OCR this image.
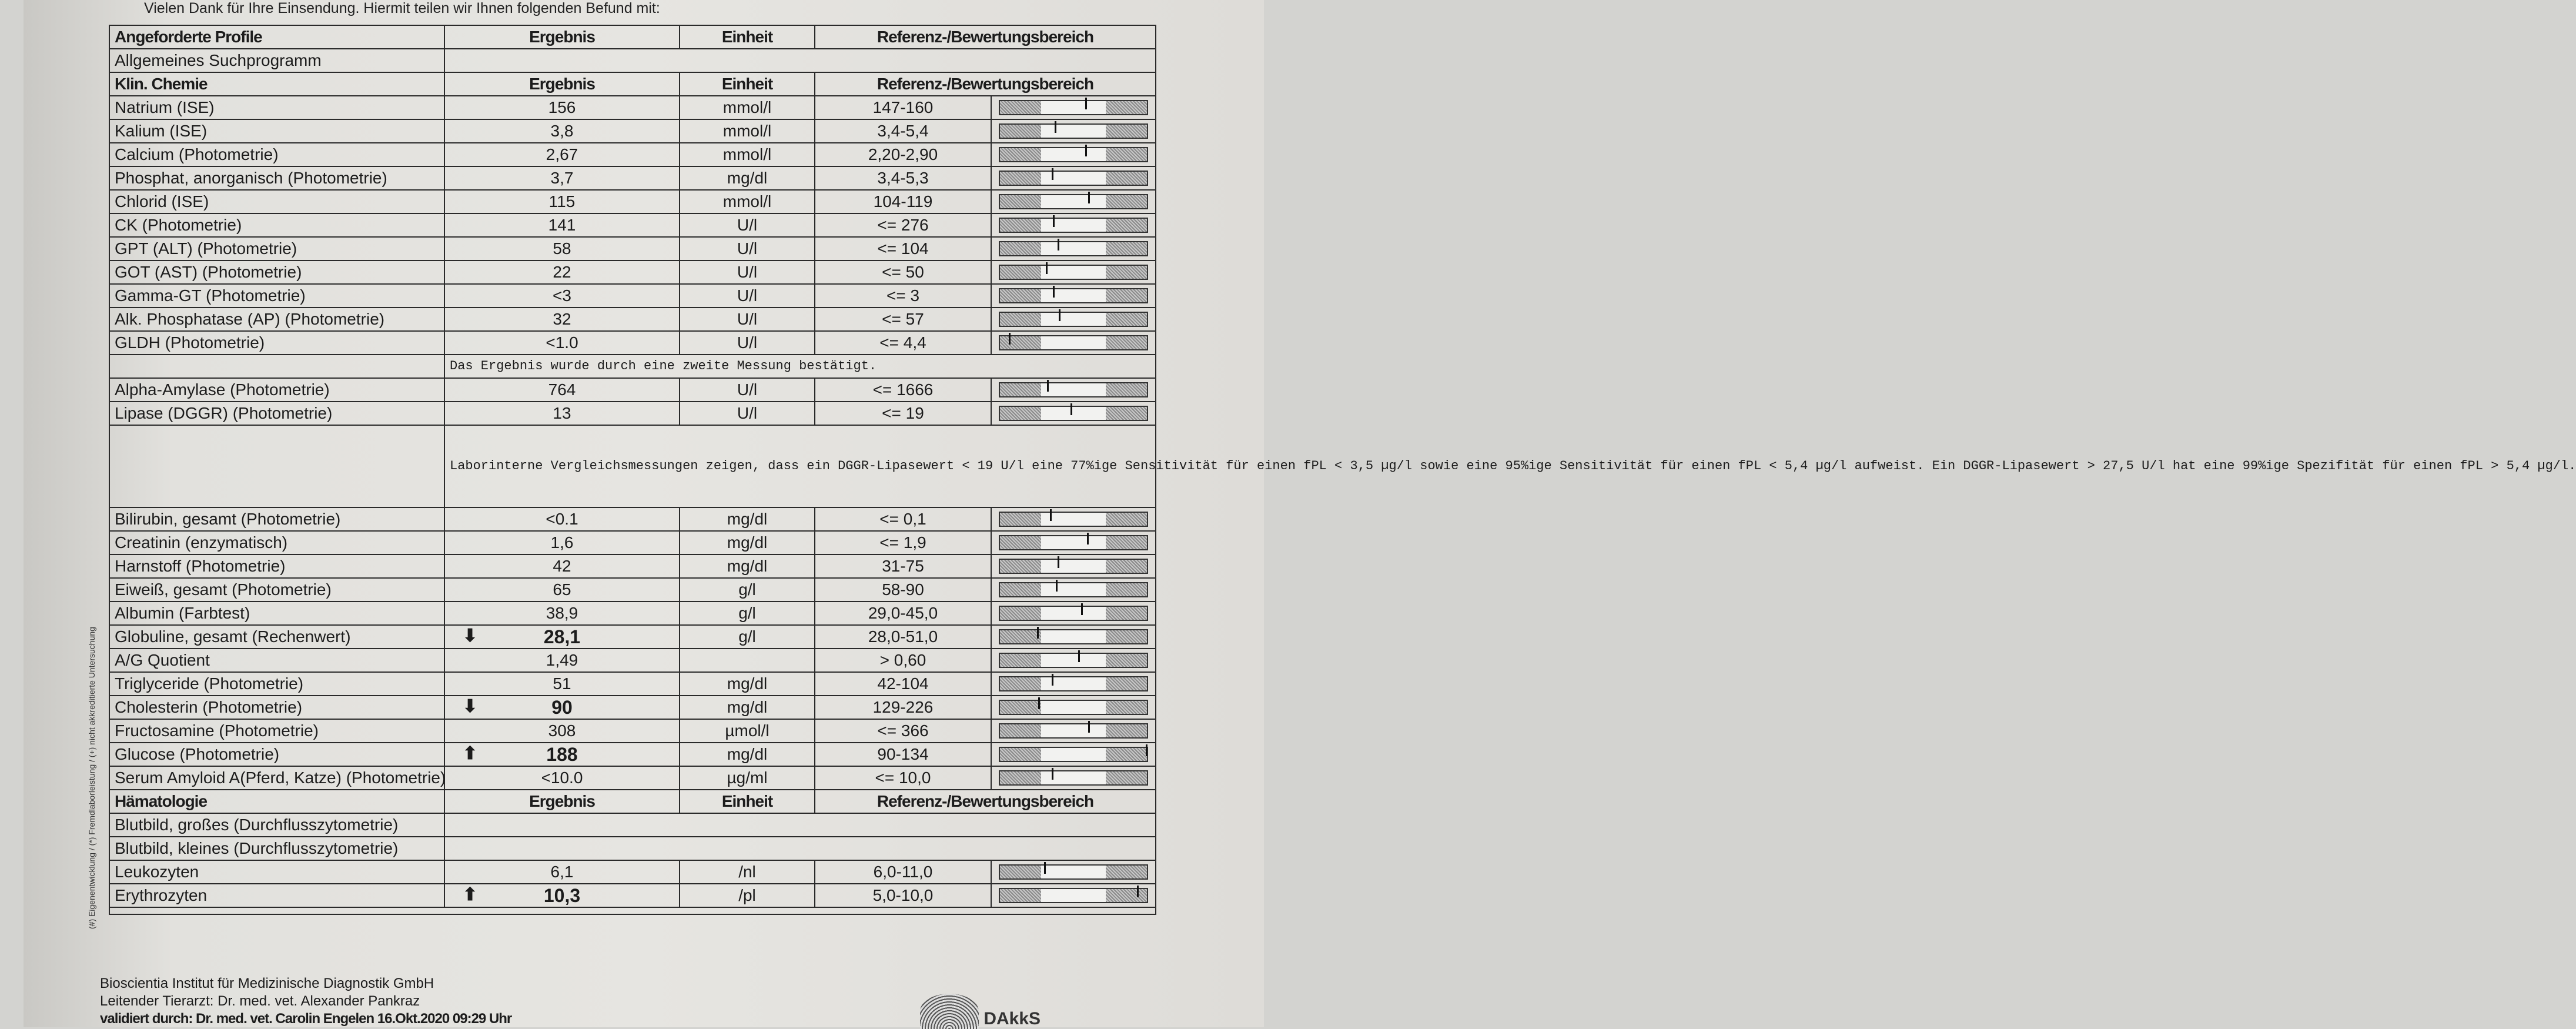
Vielen Dank für Ihre Einsendung. Hiermit teilen wir Ihnen folgenden Befund mit:
Angeforderte Profile	Ergebnis	Einheit	Referenz-/Bewertungsbereich	
Allgemeines Suchprogramm				
Klin. Chemie	Ergebnis	Einheit	Referenz-/Bewertungsbereich	
Natrium (ISE)	156	mmol/l	147-160	

Kalium (ISE)	3,8	mmol/l	3,4-5,4	

Calcium (Photometrie)	2,67	mmol/l	2,20-2,90	

Phosphat, anorganisch (Photometrie)	3,7	mg/dl	3,4-5,3	

Chlorid (ISE)	115	mmol/l	104-119	

CK (Photometrie)	141	U/l	<= 276	

GPT (ALT) (Photometrie)	58	U/l	<= 104	

GOT (AST) (Photometrie)	22	U/l	<= 50	

Gamma-GT (Photometrie)	<3	U/l	<= 3	

Alk. Phosphatase (AP) (Photometrie)	32	U/l	<= 57	

GLDH (Photometrie)	<1.0	U/l	<= 4,4	

	Das Ergebnis wurde durch eine zweite Messung bestätigt.			
Alpha-Amylase (Photometrie)	764	U/l	<= 1666	

Lipase (DGGR) (Photometrie)	13	U/l	<= 19	

	Laborinterne Vergleichsmessungen zeigen, dass ein DGGR-Lipasewert < 19 U/l eine 77%ige Sensitivität für einen fPL < 3,5 µg/l sowie eine 95%ige Sensitivität für einen fPL < 5,4 µg/l aufweist. Ein DGGR-Lipasewert > 27,5 U/l hat eine 99%ige Spezifität für einen fPL > 5,4 µg/l.			
Bilirubin, gesamt (Photometrie)	<0.1	mg/dl	<= 0,1	

Creatinin (enzymatisch)	1,6	mg/dl	<= 1,9	

Harnstoff (Photometrie)	42	mg/dl	31-75	

Eiweiß, gesamt (Photometrie)	65	g/l	58-90	

Albumin (Farbtest)	38,9	g/l	29,0-45,0	

Globuline, gesamt (Rechenwert)	⬇ 28,1	g/l	28,0-51,0	

A/G Quotient	1,49		> 0,60	

Triglyceride (Photometrie)	51	mg/dl	42-104	

Cholesterin (Photometrie)	⬇ 90	mg/dl	129-226	

Fructosamine (Photometrie)	308	µmol/l	<= 366	

Glucose (Photometrie)	⬆ 188	mg/dl	90-134	

Serum Amyloid A(Pferd, Katze) (Photometrie)	<10.0	µg/ml	<= 10,0	

Hämatologie	Ergebnis	Einheit	Referenz-/Bewertungsbereich	
Blutbild, großes (Durchflusszytometrie)				
Blutbild, kleines (Durchflusszytometrie)				
Leukozyten	6,1	/nl	6,0-11,0	

Erythrozyten	⬆ 10,3	/pl	5,0-10,0	

(#) Eigenentwicklung / (*) Fremdlaborleistung / (+) nicht akkreditierte Untersuchung
Bioscientia Institut für Medizinische Diagnostik GmbH
Leitender Tierarzt: Dr. med. vet. Alexander Pankraz
validiert durch: Dr. med. vet. Carolin Engelen 16.Okt.2020 09:29 Uhr	DAkkS
